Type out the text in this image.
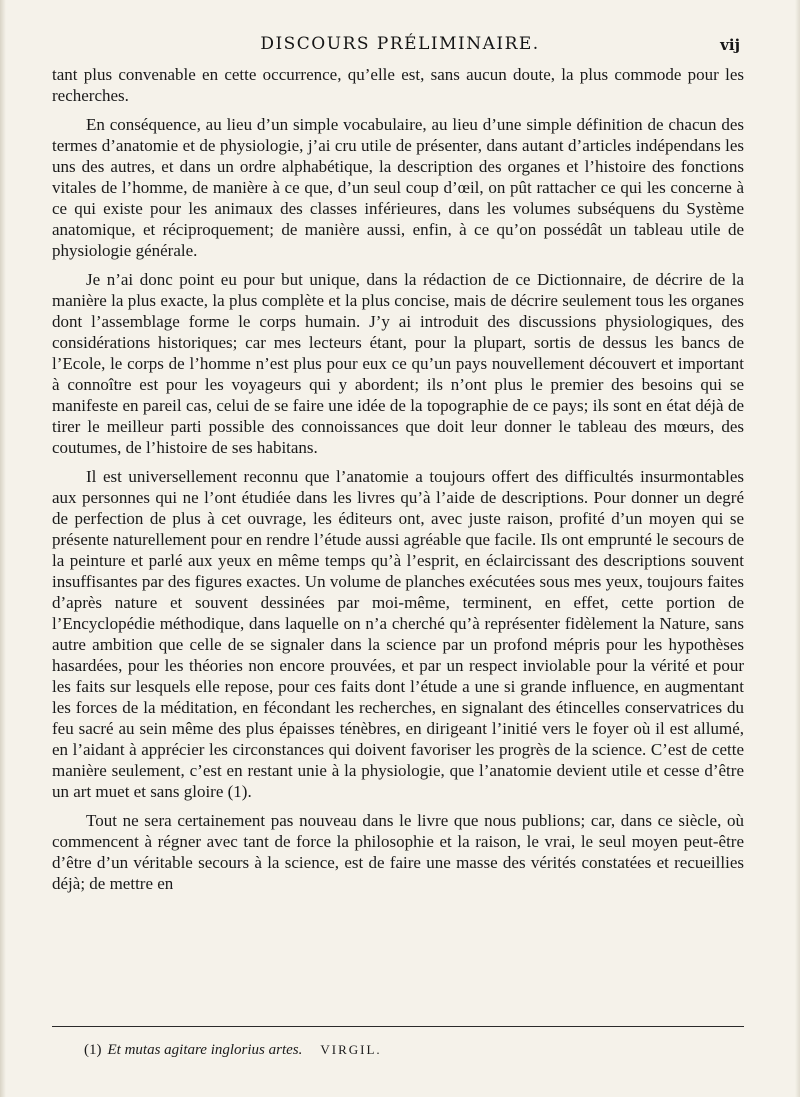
DISCOURS PRÉLIMINAIRE.	vij

tant plus convenable en cette occurrence, qu’elle est, sans aucun doute, la plus commode pour les recherches.

En conséquence, au lieu d’un simple vocabulaire, au lieu d’une simple définition de chacun des termes d’anatomie et de physiologie, j’ai cru utile de présenter, dans autant d’articles indépendans les uns des autres, et dans un ordre alphabétique, la description des organes et l’histoire des fonctions vitales de l’homme, de manière à ce que, d’un seul coup d’œil, on pût rattacher ce qui les concerne à ce qui existe pour les animaux des classes inférieures, dans les volumes subséquens du Système anatomique, et réciproquement; de manière aussi, enfin, à ce qu’on possédât un tableau utile de physiologie générale.

Je n’ai donc point eu pour but unique, dans la rédaction de ce Dictionnaire, de décrire de la manière la plus exacte, la plus complète et la plus concise, mais de décrire seulement tous les organes dont l’assemblage forme le corps humain. J’y ai introduit des discussions physiologiques, des considérations historiques; car mes lecteurs étant, pour la plupart, sortis de dessus les bancs de l’Ecole, le corps de l’homme n’est plus pour eux ce qu’un pays nouvellement découvert et important à connoître est pour les voyageurs qui y abordent; ils n’ont plus le premier des besoins qui se manifeste en pareil cas, celui de se faire une idée de la topographie de ce pays; ils sont en état déjà de tirer le meilleur parti possible des connoissances que doit leur donner le tableau des mœurs, des coutumes, de l’histoire de ses habitans.

Il est universellement reconnu que l’anatomie a toujours offert des difficultés insurmontables aux personnes qui ne l’ont étudiée dans les livres qu’à l’aide de descriptions. Pour donner un degré de perfection de plus à cet ouvrage, les éditeurs ont, avec juste raison, profité d’un moyen qui se présente naturellement pour en rendre l’étude aussi agréable que facile. Ils ont emprunté le secours de la peinture et parlé aux yeux en même temps qu’à l’esprit, en éclaircissant des descriptions souvent insuffisantes par des figures exactes. Un volume de planches exécutées sous mes yeux, toujours faites d’après nature et souvent dessinées par moi-même, terminent, en effet, cette portion de l’Encyclopédie méthodique, dans laquelle on n’a cherché qu’à représenter fidèlement la Nature, sans autre ambition que celle de se signaler dans la science par un profond mépris pour les hypothèses hasardées, pour les théories non encore prouvées, et par un respect inviolable pour la vérité et pour les faits sur lesquels elle repose, pour ces faits dont l’étude a une si grande influence, en augmentant les forces de la méditation, en fécondant les recherches, en signalant des étincelles conservatrices du feu sacré au sein même des plus épaisses ténèbres, en dirigeant l’initié vers le foyer où il est allumé, en l’aidant à apprécier les circonstances qui doivent favoriser les progrès de la science. C’est de cette manière seulement, c’est en restant unie à la physiologie, que l’anatomie devient utile et cesse d’être un art muet et sans gloire (1).

Tout ne sera certainement pas nouveau dans le livre que nous publions; car, dans ce siècle, où commencent à régner avec tant de force la philosophie et la raison, le vrai, le seul moyen peut-être d’être d’un véritable secours à la science, est de faire une masse des vérités constatées et recueillies déjà; de mettre en

(1) Et mutas agitare inglorius artes. VIRGIL.
